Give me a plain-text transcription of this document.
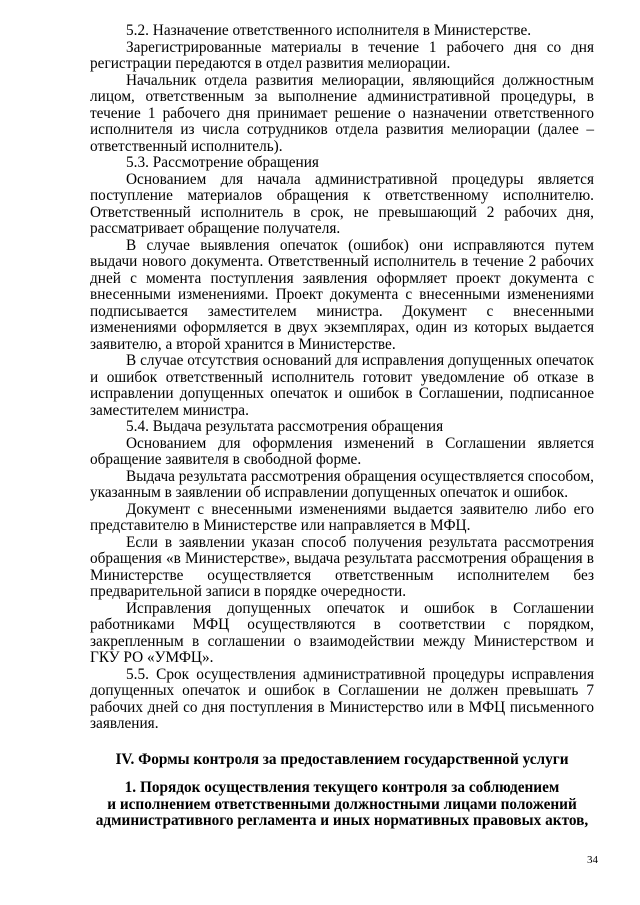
5.2. Назначение ответственного исполнителя в Министерстве.

Зарегистрированные материалы в течение 1 рабочего дня со дня регистрации передаются в отдел развития мелиорации.

Начальник отдела развития мелиорации, являющийся должностным лицом, ответственным за выполнение административной процедуры, в течение 1 рабочего дня принимает решение о назначении ответственного исполнителя из числа сотрудников отдела развития мелиорации (далее – ответственный исполнитель).

5.3. Рассмотрение обращения

Основанием для начала административной процедуры является поступление материалов обращения к ответственному исполнителю. Ответственный исполнитель в срок, не превышающий 2 рабочих дня, рассматривает обращение получателя.

В случае выявления опечаток (ошибок) они исправляются путем выдачи нового документа. Ответственный исполнитель в течение 2 рабочих дней с момента поступления заявления оформляет проект документа с внесенными изменениями. Проект документа с внесенными изменениями подписывается заместителем министра. Документ с внесенными изменениями оформляется в двух экземплярах, один из которых выдается заявителю, а второй хранится в Министерстве.

В случае отсутствия оснований для исправления допущенных опечаток и ошибок ответственный исполнитель готовит уведомление об отказе в исправлении допущенных опечаток и ошибок в Соглашении, подписанное заместителем министра.

5.4. Выдача результата рассмотрения обращения

Основанием для оформления изменений в Соглашении является обращение заявителя в свободной форме.

Выдача результата рассмотрения обращения осуществляется способом, указанным в заявлении об исправлении допущенных опечаток и ошибок.

Документ с внесенными изменениями выдается заявителю либо его представителю в Министерстве или направляется в МФЦ.

Если в заявлении указан способ получения результата рассмотрения обращения «в Министерстве», выдача результата рассмотрения обращения в Министерстве осуществляется ответственным исполнителем без предварительной записи в порядке очередности.

Исправления допущенных опечаток и ошибок в Соглашении работниками МФЦ осуществляются в соответствии с порядком, закрепленным в соглашении о взаимодействии между Министерством и ГКУ РО «УМФЦ».

5.5. Срок осуществления административной процедуры исправления допущенных опечаток и ошибок в Соглашении не должен превышать 7 рабочих дней со дня поступления в Министерство или в МФЦ письменного заявления.

IV. Формы контроля за предоставлением государственной услуги

1. Порядок осуществления текущего контроля за соблюдением
и исполнением ответственными должностными лицами положений
административного регламента и иных нормативных правовых актов,
34
